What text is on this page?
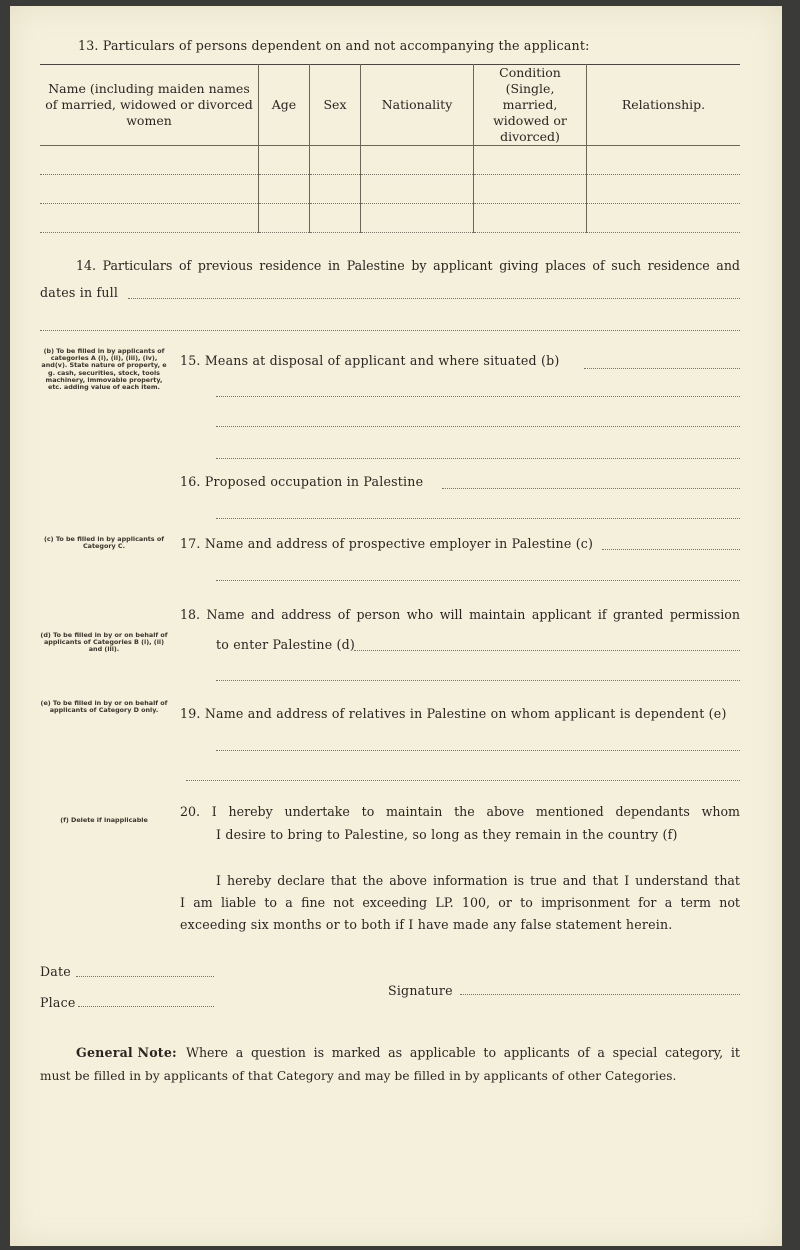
13. Particulars of persons dependent on and not accompanying the applicant:
Name (including maiden names of married, widowed or divorced women	Age	Sex	Nationality	Condition (Single, married, widowed or divorced)	Relationship.

14. Particulars of previous residence in Palestine by applicant giving places of such residence and
dates in full
(b) To be filled in by applicants of categories A (i), (ii), (iii), (iv), and(v). State nature of property, e g. cash, securities, stock, tools machinery, immovable property, etc. adding value of each item.
15. Means at disposal of applicant and where situated (b)
16. Proposed occupation in Palestine
(c) To be filled in by applicants of Category C.	17. Name and address of prospective employer in Palestine (c)
18. Name and address of person who will maintain applicant if granted permission
(d) To be filled in by or on behalf of applicants of Categories B (i), (ii) and (iii).	to enter Palestine (d)
(e) To be filled in by or on behalf of applicants of Category D only.	19. Name and address of relatives in Palestine on whom applicant is dependent (e)
(f) Delete if inapplicable
20. I hereby undertake to maintain the above mentioned dependants whom
I desire to bring to Palestine, so long as they remain in the country (f)
I hereby declare that the above information is true and that I understand that
I am liable to a fine not exceeding LP. 100, or to imprisonment for a term not
exceeding six months or to both if I have made any false statement herein.
Date
Signature
Place
General Note: Where a question is marked as applicable to applicants of a special category, it
must be filled in by applicants of that Category and may be filled in by applicants of other Categories.
